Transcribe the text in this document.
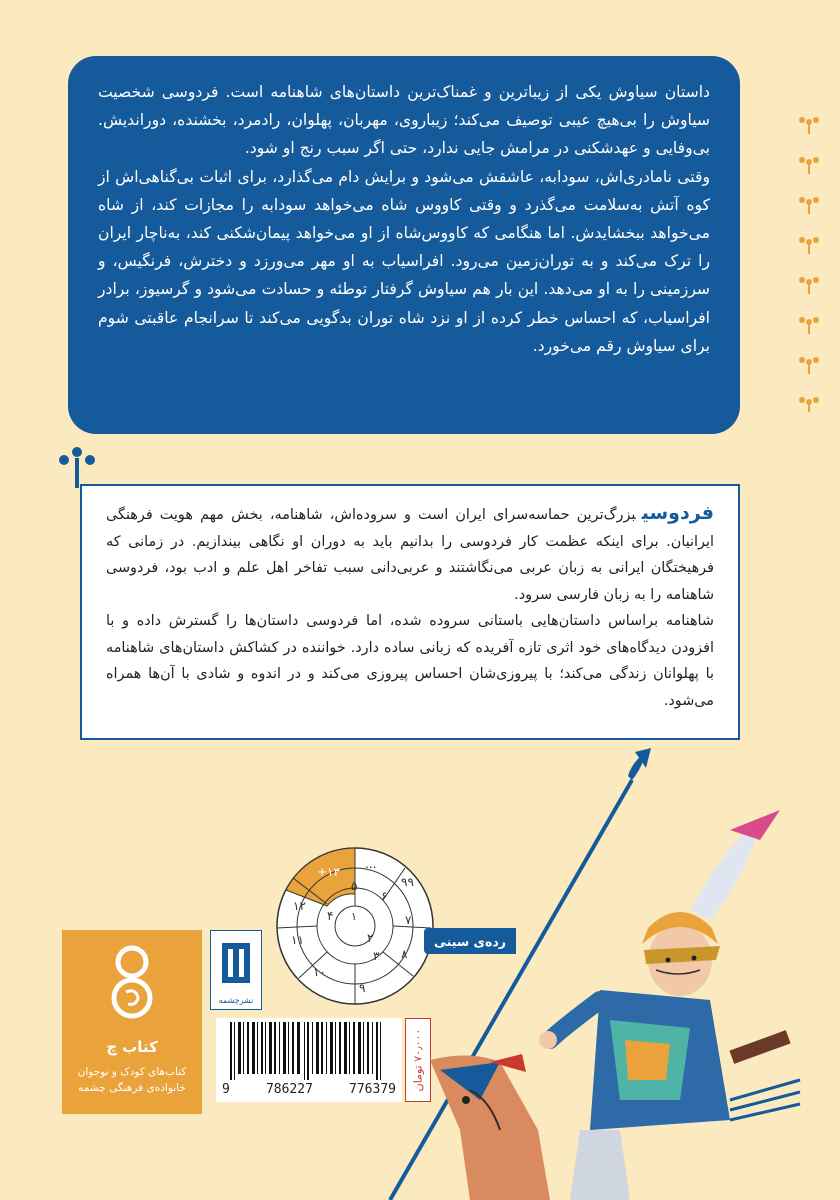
داستان سیاوش یکی از زیباترین و غمناک‌ترین داستان‌های شاهنامه است. فردوسی شخصیت سیاوش را بی‌هیچ عیبی توصیف می‌کند؛ زیباروی، مهربان، پهلوان، رادمرد، بخشنده، دوراندیش. بی‌وفایی و عهدشکنی در مرامش جایی ندارد، حتی اگر سبب رنج او شود.

وقتی نامادری‌اش، سودابه، عاشقش می‌شود و برایش دام می‌گذارد، برای اثبات بی‌گناهی‌اش از کوه آتش به‌سلامت می‌گذرد و وقتی کاووس شاه می‌خواهد سودابه را مجازات کند، از شاه می‌خواهد ببخشایدش. اما هنگامی که کاووس‌شاه از او می‌خواهد پیمان‌شکنی کند، به‌ناچار ایران را ترک می‌کند و به توران‌زمین می‌رود. افراسیاب به او مهر می‌ورزد و دخترش، فرنگیس، و سرزمینی را به او می‌دهد. این بار هم سیاوش گرفتار توطئه و حسادت می‌شود و گرسیوز، برادر افراسیاب، که احساس خطر کرده از او نزد شاه توران بدگویی می‌کند تا سرانجام عاقبتی شوم برای سیاوش رقم می‌خورد.

فردوسیبزرگ‌ترین حماسه‌سرای ایران است و سروده‌اش، شاهنامه، بخش مهم هویت فرهنگی ایرانیان. برای اینکه عظمت کار فردوسی را بدانیم باید به دوران او نگاهی بیندازیم. در زمانی که فرهیختگان ایرانی به زبان عربی می‌نگاشتند و عربی‌دانی سبب تفاخر اهل علم و ادب بود، فردوسی شاهنامه را به زبان فارسی سرود.

شاهنامه براساس داستان‌هایی باستانی سروده شده، اما فردوسی داستان‌ها را گسترش داده و با افزودن دیدگاه‌های خود اثری تازه آفریده که زبانی ساده دارد. خواننده در کشاکش داستان‌های شاهنامه با پهلوانان زندگی می‌کند؛ با پیروزی‌شان احساس پیروزی می‌کند و در اندوه و شادی با آن‌ها همراه می‌شود.

+۱۳
...
۹۹
۱۲
۱۱
۱۰
۹
۸
۷
۶
۵
۴ ۱
۲
۳
رده‌ی سینی
کتاب چ
کتاب‌های کودک و نوجوان
خانواده‌ی فرهنگی چشمه
نشرچشمه
9	786227	776379 ۷۰٫۰۰۰ تومان
